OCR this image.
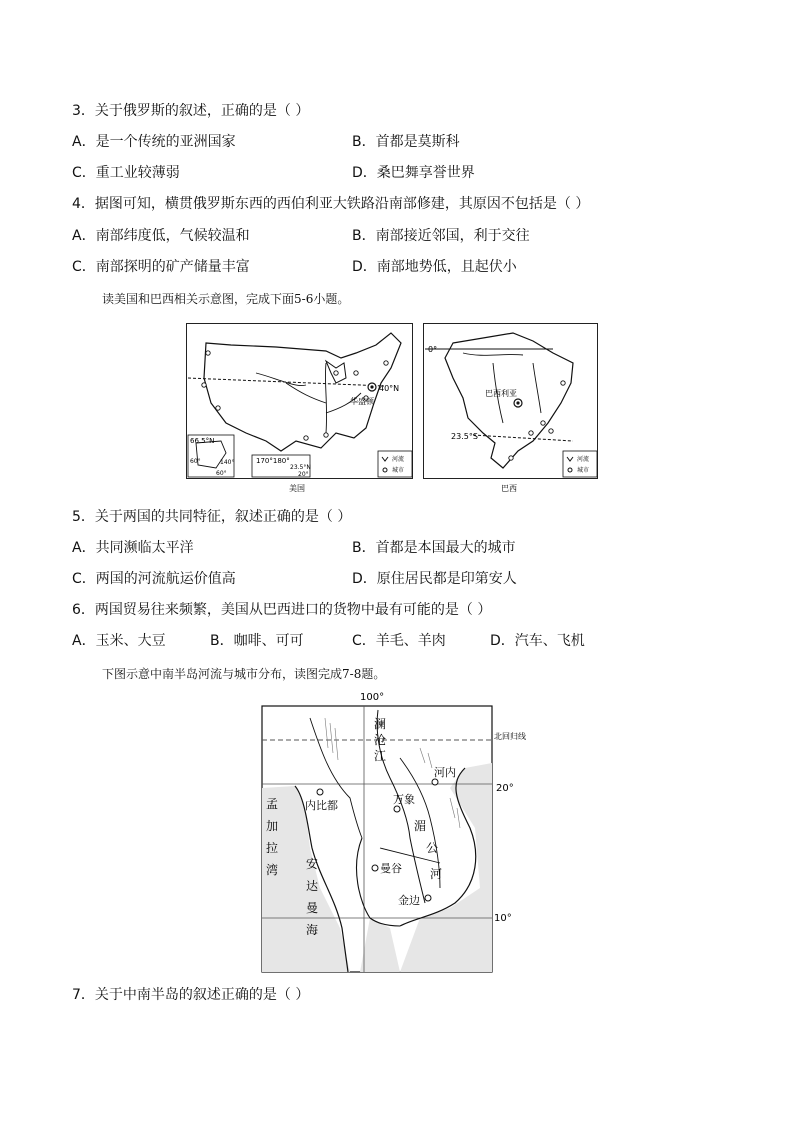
3．关于俄罗斯的叙述，正确的是（ ）
A．是一个传统的亚洲国家	B．首都是莫斯科
C．重工业较薄弱	D．桑巴舞享誉世界
4．据图可知，横贯俄罗斯东西的西伯利亚大铁路沿南部修建，其原因不包括是（ ）
A．南部纬度低，气候较温和	B．南部接近邻国，利于交往
C．南部探明的矿产储量丰富	D．南部地势低，且起伏小
读美国和巴西相关示意图，完成下面5-6小题。
40°N
华盛顿
66.5°N
60°	140°
60°
170°180°
23.5°N
20°
河流
城市
美国
0°
23.5°S
巴西利亚
河流
城市
巴西
5．关于两国的共同特征，叙述正确的是（ ）
A．共同濒临太平洋	B．首都是本国最大的城市
C．两国的河流航运价值高	D．原住居民都是印第安人
6．两国贸易往来频繁，美国从巴西进口的货物中最有可能的是（ ）
A．玉米、大豆	B．咖啡、可可	C．羊毛、羊肉	D．汽车、飞机
下图示意中南半岛河流与城市分布，读图完成7-8题。
100°
北回归线
20°
10°
河内
万象
内比都
曼谷
金边
澜
沧
江
湄
公
河
孟
加
拉
湾 安
达
曼
海
7．关于中南半岛的叙述正确的是（ ）
